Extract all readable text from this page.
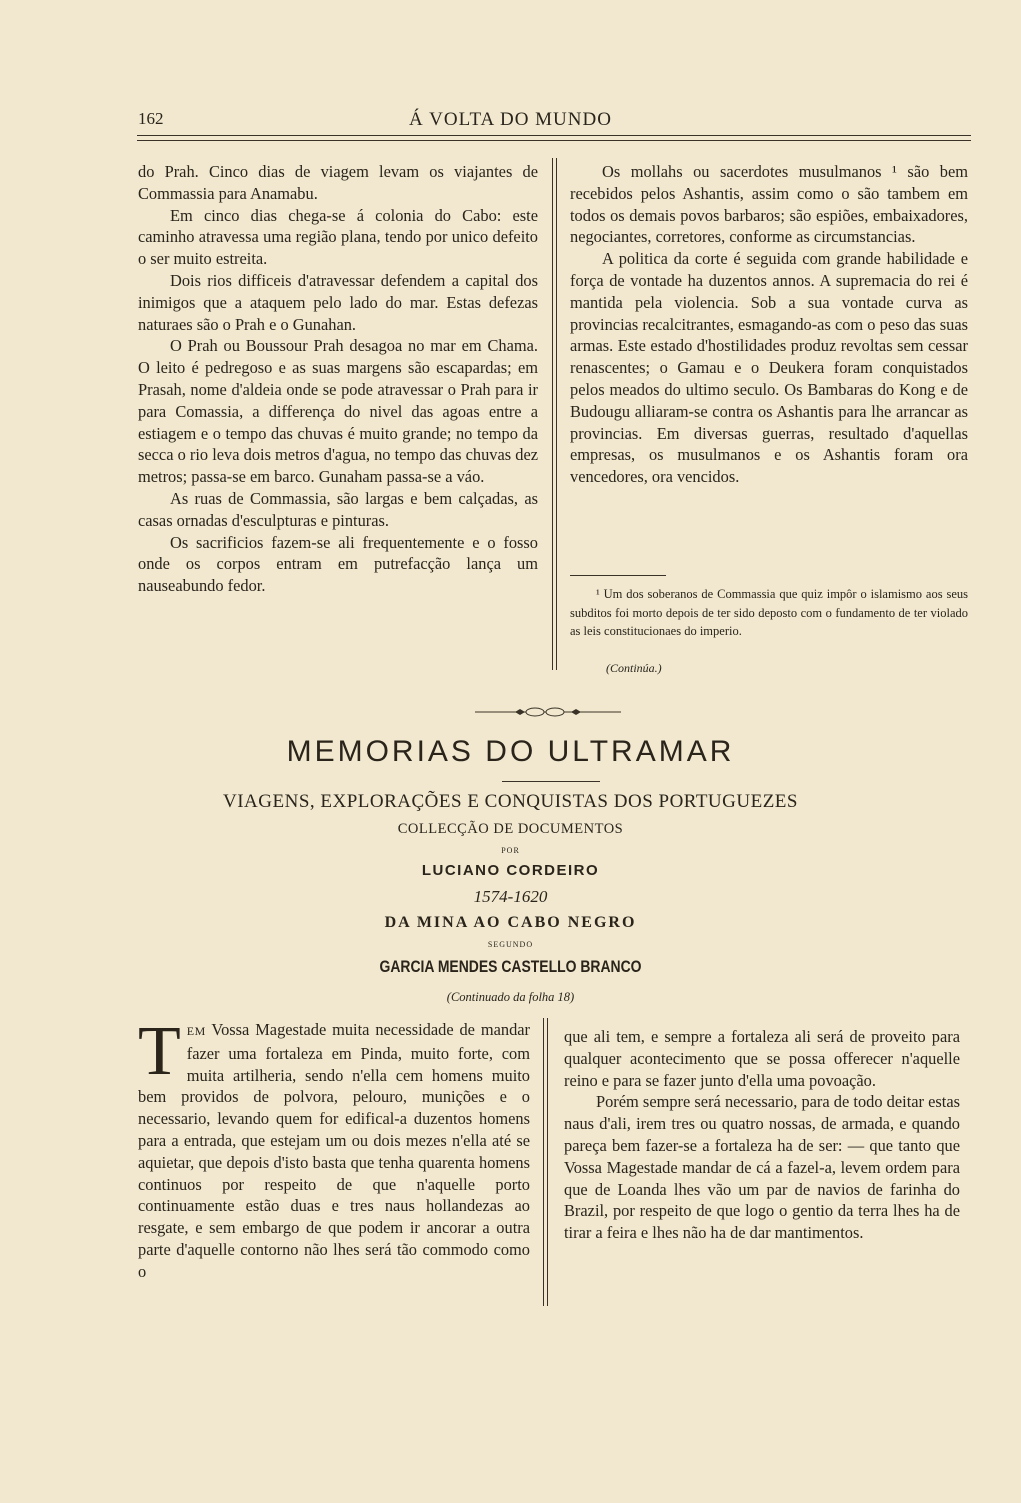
162	Á VOLTA DO MUNDO

do Prah. Cinco dias de viagem levam os viajantes de Commassia para Anamabu.

Em cinco dias chega-se á colonia do Cabo: este caminho atravessa uma região plana, tendo por unico defeito o ser muito estreita.

Dois rios difficeis d'atravessar defendem a capital dos inimigos que a ataquem pelo lado do mar. Estas defezas naturaes são o Prah e o Gunahan.

O Prah ou Boussour Prah desagoa no mar em Chama. O leito é pedregoso e as suas margens são escapardas; em Prasah, nome d'aldeia onde se pode atravessar o Prah para ir para Comassia, a differença do nivel das agoas entre a estiagem e o tempo das chuvas é muito grande; no tempo da secca o rio leva dois metros d'agua, no tempo das chuvas dez metros; passa-se em barco. Gunaham passa-se a váo.

As ruas de Commassia, são largas e bem calçadas, as casas ornadas d'esculpturas e pinturas.

Os sacrificios fazem-se ali frequentemente e o fosso onde os corpos entram em putrefacção lança um nauseabundo fedor.

Os mollahs ou sacerdotes musulmanos ¹ são bem recebidos pelos Ashantis, assim como o são tambem em todos os demais povos barbaros; são espiões, embaixadores, negociantes, corretores, conforme as circumstancias.

A politica da corte é seguida com grande habilidade e força de vontade ha duzentos annos. A supremacia do rei é mantida pela violencia. Sob a sua vontade curva as provincias recalcitrantes, esmagando-as com o peso das suas armas. Este estado d'hostilidades produz revoltas sem cessar renascentes; o Gamau e o Deukera foram conquistados pelos meados do ultimo seculo. Os Bambaras do Kong e de Budougu alliaram-se contra os Ashantis para lhe arrancar as provincias. Em diversas guerras, resultado d'aquellas empresas, os musulmanos e os Ashantis foram ora vencedores, ora vencidos.

¹ Um dos soberanos de Commassia que quiz impôr o islamismo aos seus subditos foi morto depois de ter sido deposto com o fundamento de ter violado as leis constitucionaes do imperio.
(Continúa.)
MEMORIAS DO ULTRAMAR
VIAGENS, EXPLORAÇÕES E CONQUISTAS DOS PORTUGUEZES
COLLECÇÃO DE DOCUMENTOS
POR
LUCIANO CORDEIRO
1574-1620
DA MINA AO CABO NEGRO
SEGUNDO
GARCIA MENDES CASTELLO BRANCO
(Continuado da folha 18)

TEM Vossa Magestade muita necessidade de mandar fazer uma fortaleza em Pinda, muito forte, com muita artilheria, sendo n'ella cem homens muito bem providos de polvora, pelouro, munições e o necessario, levando quem for edifical-a duzentos homens para a entrada, que estejam um ou dois mezes n'ella até se aquietar, que depois d'isto basta que tenha quarenta homens continuos por respeito de que n'aquelle porto continuamente estão duas e tres naus hollandezas ao resgate, e sem embargo de que podem ir ancorar a outra parte d'aquelle contorno não lhes será tão commodo como o

que ali tem, e sempre a fortaleza ali será de proveito para qualquer acontecimento que se possa offerecer n'aquelle reino e para se fazer junto d'ella uma povoação.

Porém sempre será necessario, para de todo deitar estas naus d'ali, irem tres ou quatro nossas, de armada, e quando pareça bem fazer-se a fortaleza ha de ser: — que tanto que Vossa Magestade mandar de cá a fazel-a, levem ordem para que de Loanda lhes vão um par de navios de farinha do Brazil, por respeito de que logo o gentio da terra lhes ha de tirar a feira e lhes não ha de dar mantimentos.
